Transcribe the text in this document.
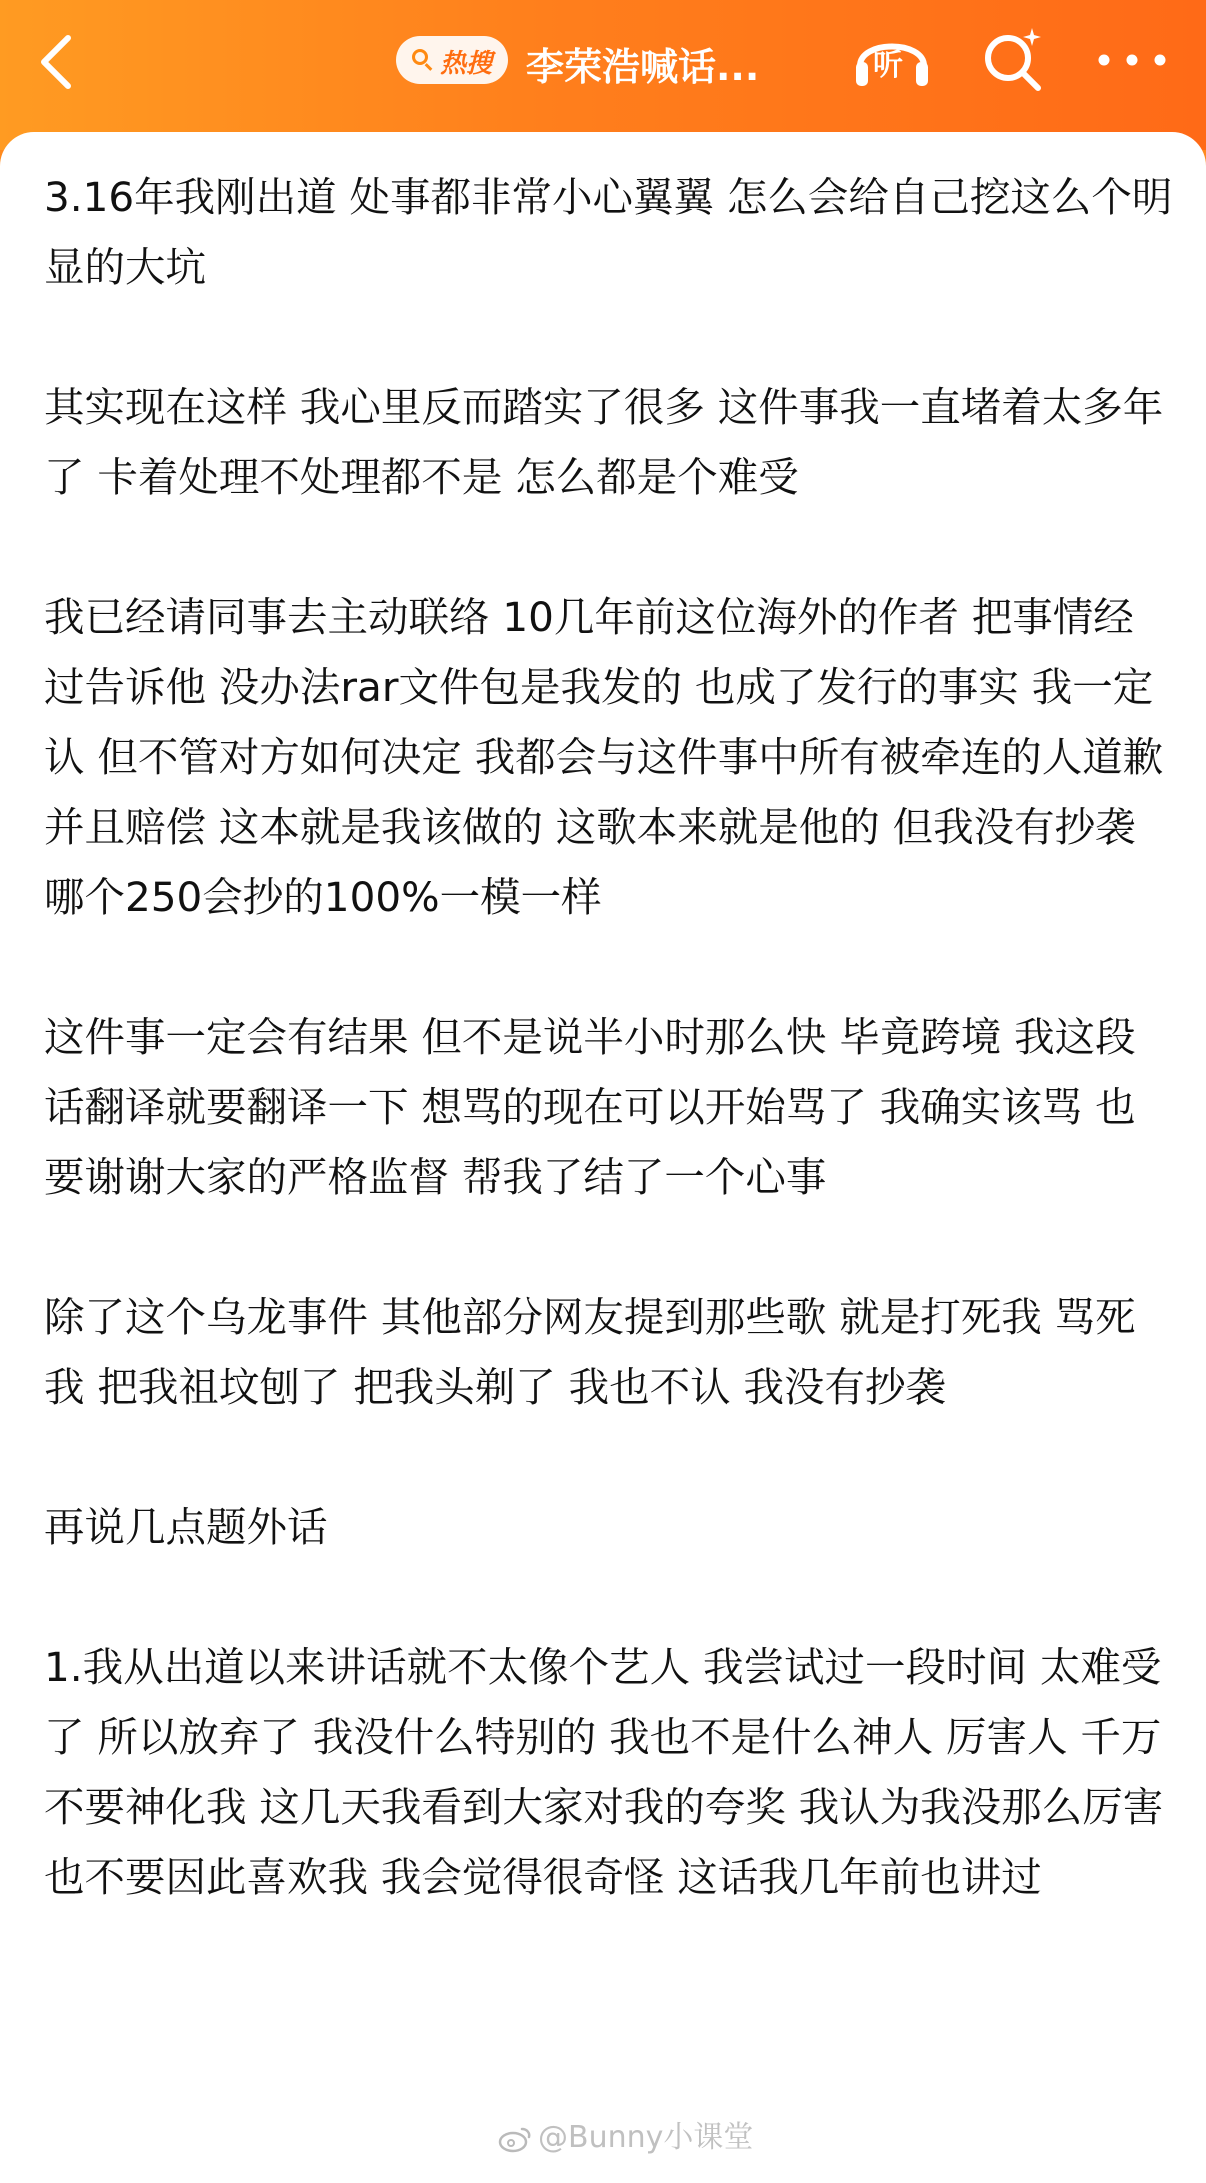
热搜 李荣浩喊话...	听

3.16年我刚出道 处事都非常小心翼翼 怎么会给自己挖这么个明显的大坑

其实现在这样 我心里反而踏实了很多 这件事我一直堵着太多年了 卡着处理不处理都不是 怎么都是个难受

我已经请同事去主动联络 10几年前这位海外的作者 把事情经过告诉他 没办法rar文件包是我发的 也成了发行的事实 我一定认 但不管对方如何决定 我都会与这件事中所有被牵连的人道歉并且赔偿 这本就是我该做的 这歌本来就是他的 但我没有抄袭 哪个250会抄的100%一模一样

这件事一定会有结果 但不是说半小时那么快 毕竟跨境 我这段话翻译就要翻译一下 想骂的现在可以开始骂了 我确实该骂 也要谢谢大家的严格监督 帮我了结了一个心事

除了这个乌龙事件 其他部分网友提到那些歌 就是打死我 骂死我 把我祖坟刨了 把我头剃了 我也不认 我没有抄袭

再说几点题外话

1.我从出道以来讲话就不太像个艺人 我尝试过一段时间 太难受了 所以放弃了 我没什么特别的 我也不是什么神人 厉害人 千万不要神化我 这几天我看到大家对我的夸奖 我认为我没那么厉害 也不要因此喜欢我 我会觉得很奇怪 这话我几年前也讲过

@Bunny小课堂
